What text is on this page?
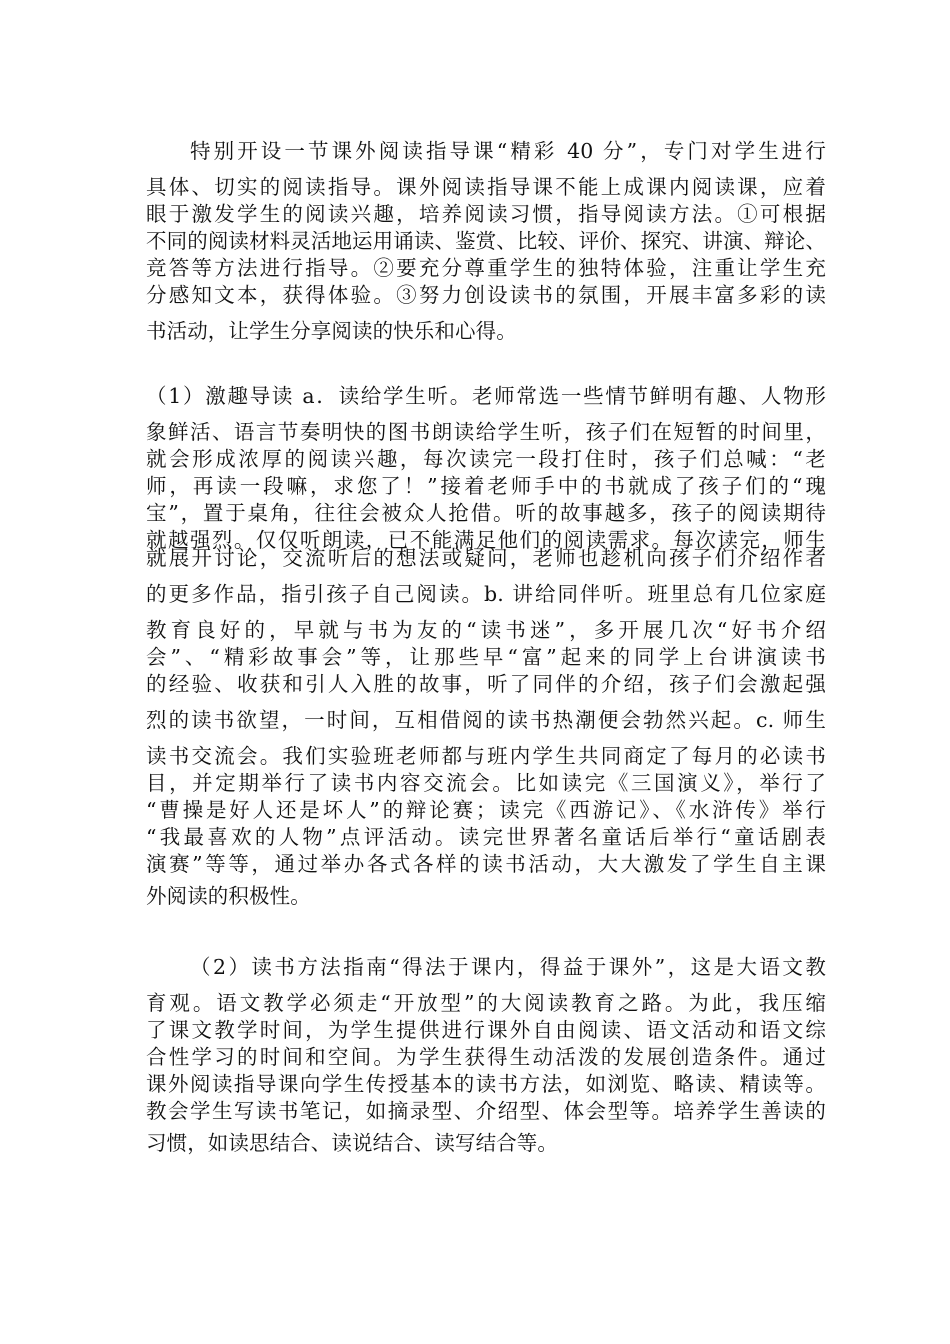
特别开设一节课外阅读指导课“精彩 40 分”，专门对学生进行
具体、切实的阅读指导。课外阅读指导课不能上成课内阅读课，应着
眼于激发学生的阅读兴趣，培养阅读习惯，指导阅读方法。①可根据
不同的阅读材料灵活地运用诵读、鉴赏、比较、评价、探究、讲演、辩论、
竞答等方法进行指导。②要充分尊重学生的独特体验，注重让学生充
分感知文本，获得体验。③努力创设读书的氛围，开展丰富多彩的读
书活动，让学生分享阅读的快乐和心得。
（1）激趣导读 a．读给学生听。老师常选一些情节鲜明有趣、人物形
象鲜活、语言节奏明快的图书朗读给学生听，孩子们在短暂的时间里，
就会形成浓厚的阅读兴趣，每次读完一段打住时，孩子们总喊：“老
师，再读一段嘛，求您了！”接着老师手中的书就成了孩子们的“瑰
宝”，置于桌角，往往会被众人抢借。听的故事越多，孩子的阅读期待
就越强烈。仅仅听朗读，已不能满足他们的阅读需求。每次读完，师生
就展开讨论，交流听后的想法或疑问，老师也趁机向孩子们介绍作者
的更多作品，指引孩子自己阅读。b. 讲给同伴听。班里总有几位家庭
教育良好的，早就与书为友的“读书迷”，多开展几次“好书介绍
会”、“精彩故事会”等，让那些早“富”起来的同学上台讲演读书
的经验、收获和引人入胜的故事，听了同伴的介绍，孩子们会激起强
烈的读书欲望，一时间，互相借阅的读书热潮便会勃然兴起。c. 师生
读书交流会。我们实验班老师都与班内学生共同商定了每月的必读书
目，并定期举行了读书内容交流会。比如读完《三国演义》，举行了
“曹操是好人还是坏人”的辩论赛；读完《西游记》、《水浒传》举行
“我最喜欢的人物”点评活动。读完世界著名童话后举行“童话剧表
演赛”等等，通过举办各式各样的读书活动，大大激发了学生自主课
外阅读的积极性。
（2）读书方法指南“得法于课内，得益于课外”，这是大语文教
育观。语文教学必须走“开放型”的大阅读教育之路。为此，我压缩
了课文教学时间，为学生提供进行课外自由阅读、语文活动和语文综
合性学习的时间和空间。为学生获得生动活泼的发展创造条件。通过
课外阅读指导课向学生传授基本的读书方法，如浏览、略读、精读等。
教会学生写读书笔记，如摘录型、介绍型、体会型等。培养学生善读的
习惯，如读思结合、读说结合、读写结合等。
